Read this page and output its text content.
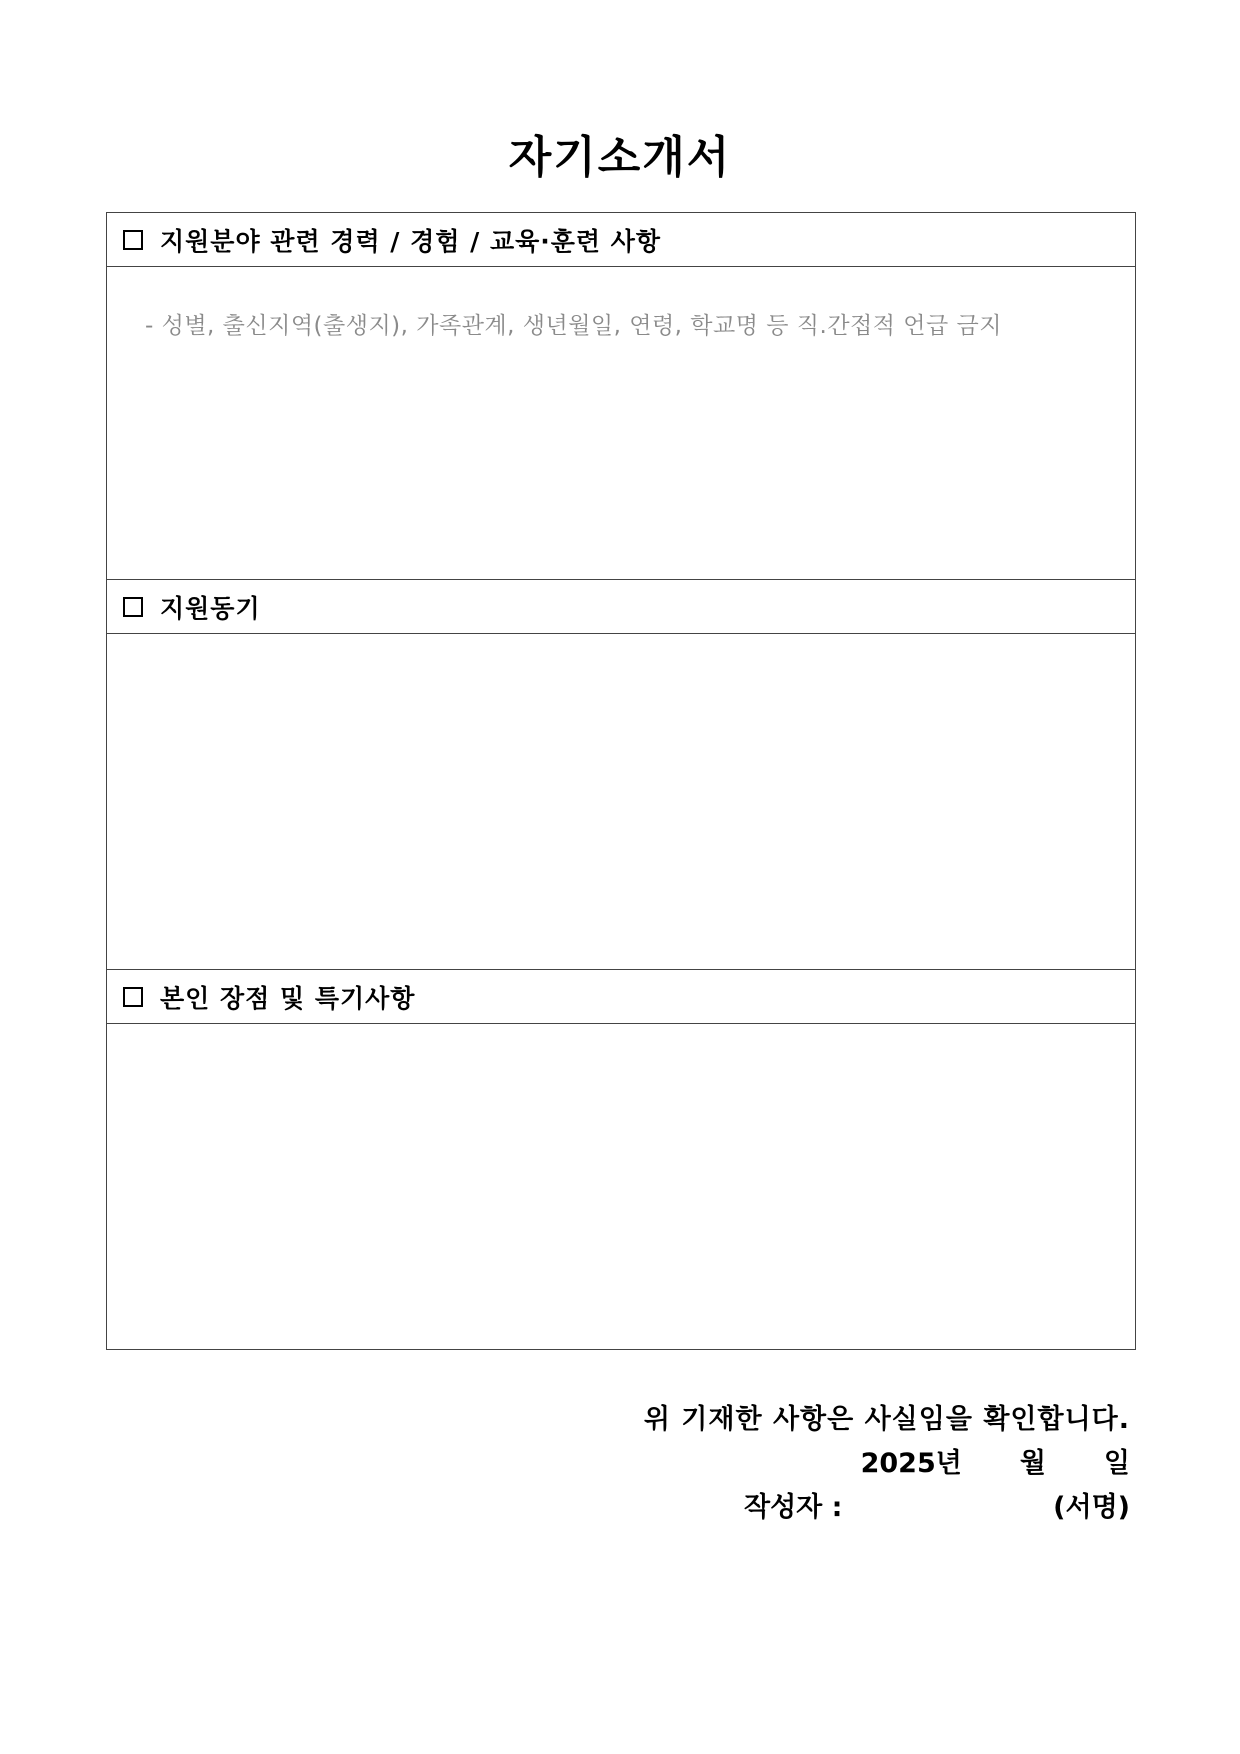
자기소개서
지원분야 관련 경력 / 경험 / 교육·훈련 사항
- 성별, 출신지역(출생지), 가족관계, 생년월일, 연령, 학교명 등 직.간접적 언급 금지
지원동기
본인 장점 및 특기사항
위 기재한 사항은 사실임을 확인합니다.
2025년 월 일
작성자 :	(서명)
